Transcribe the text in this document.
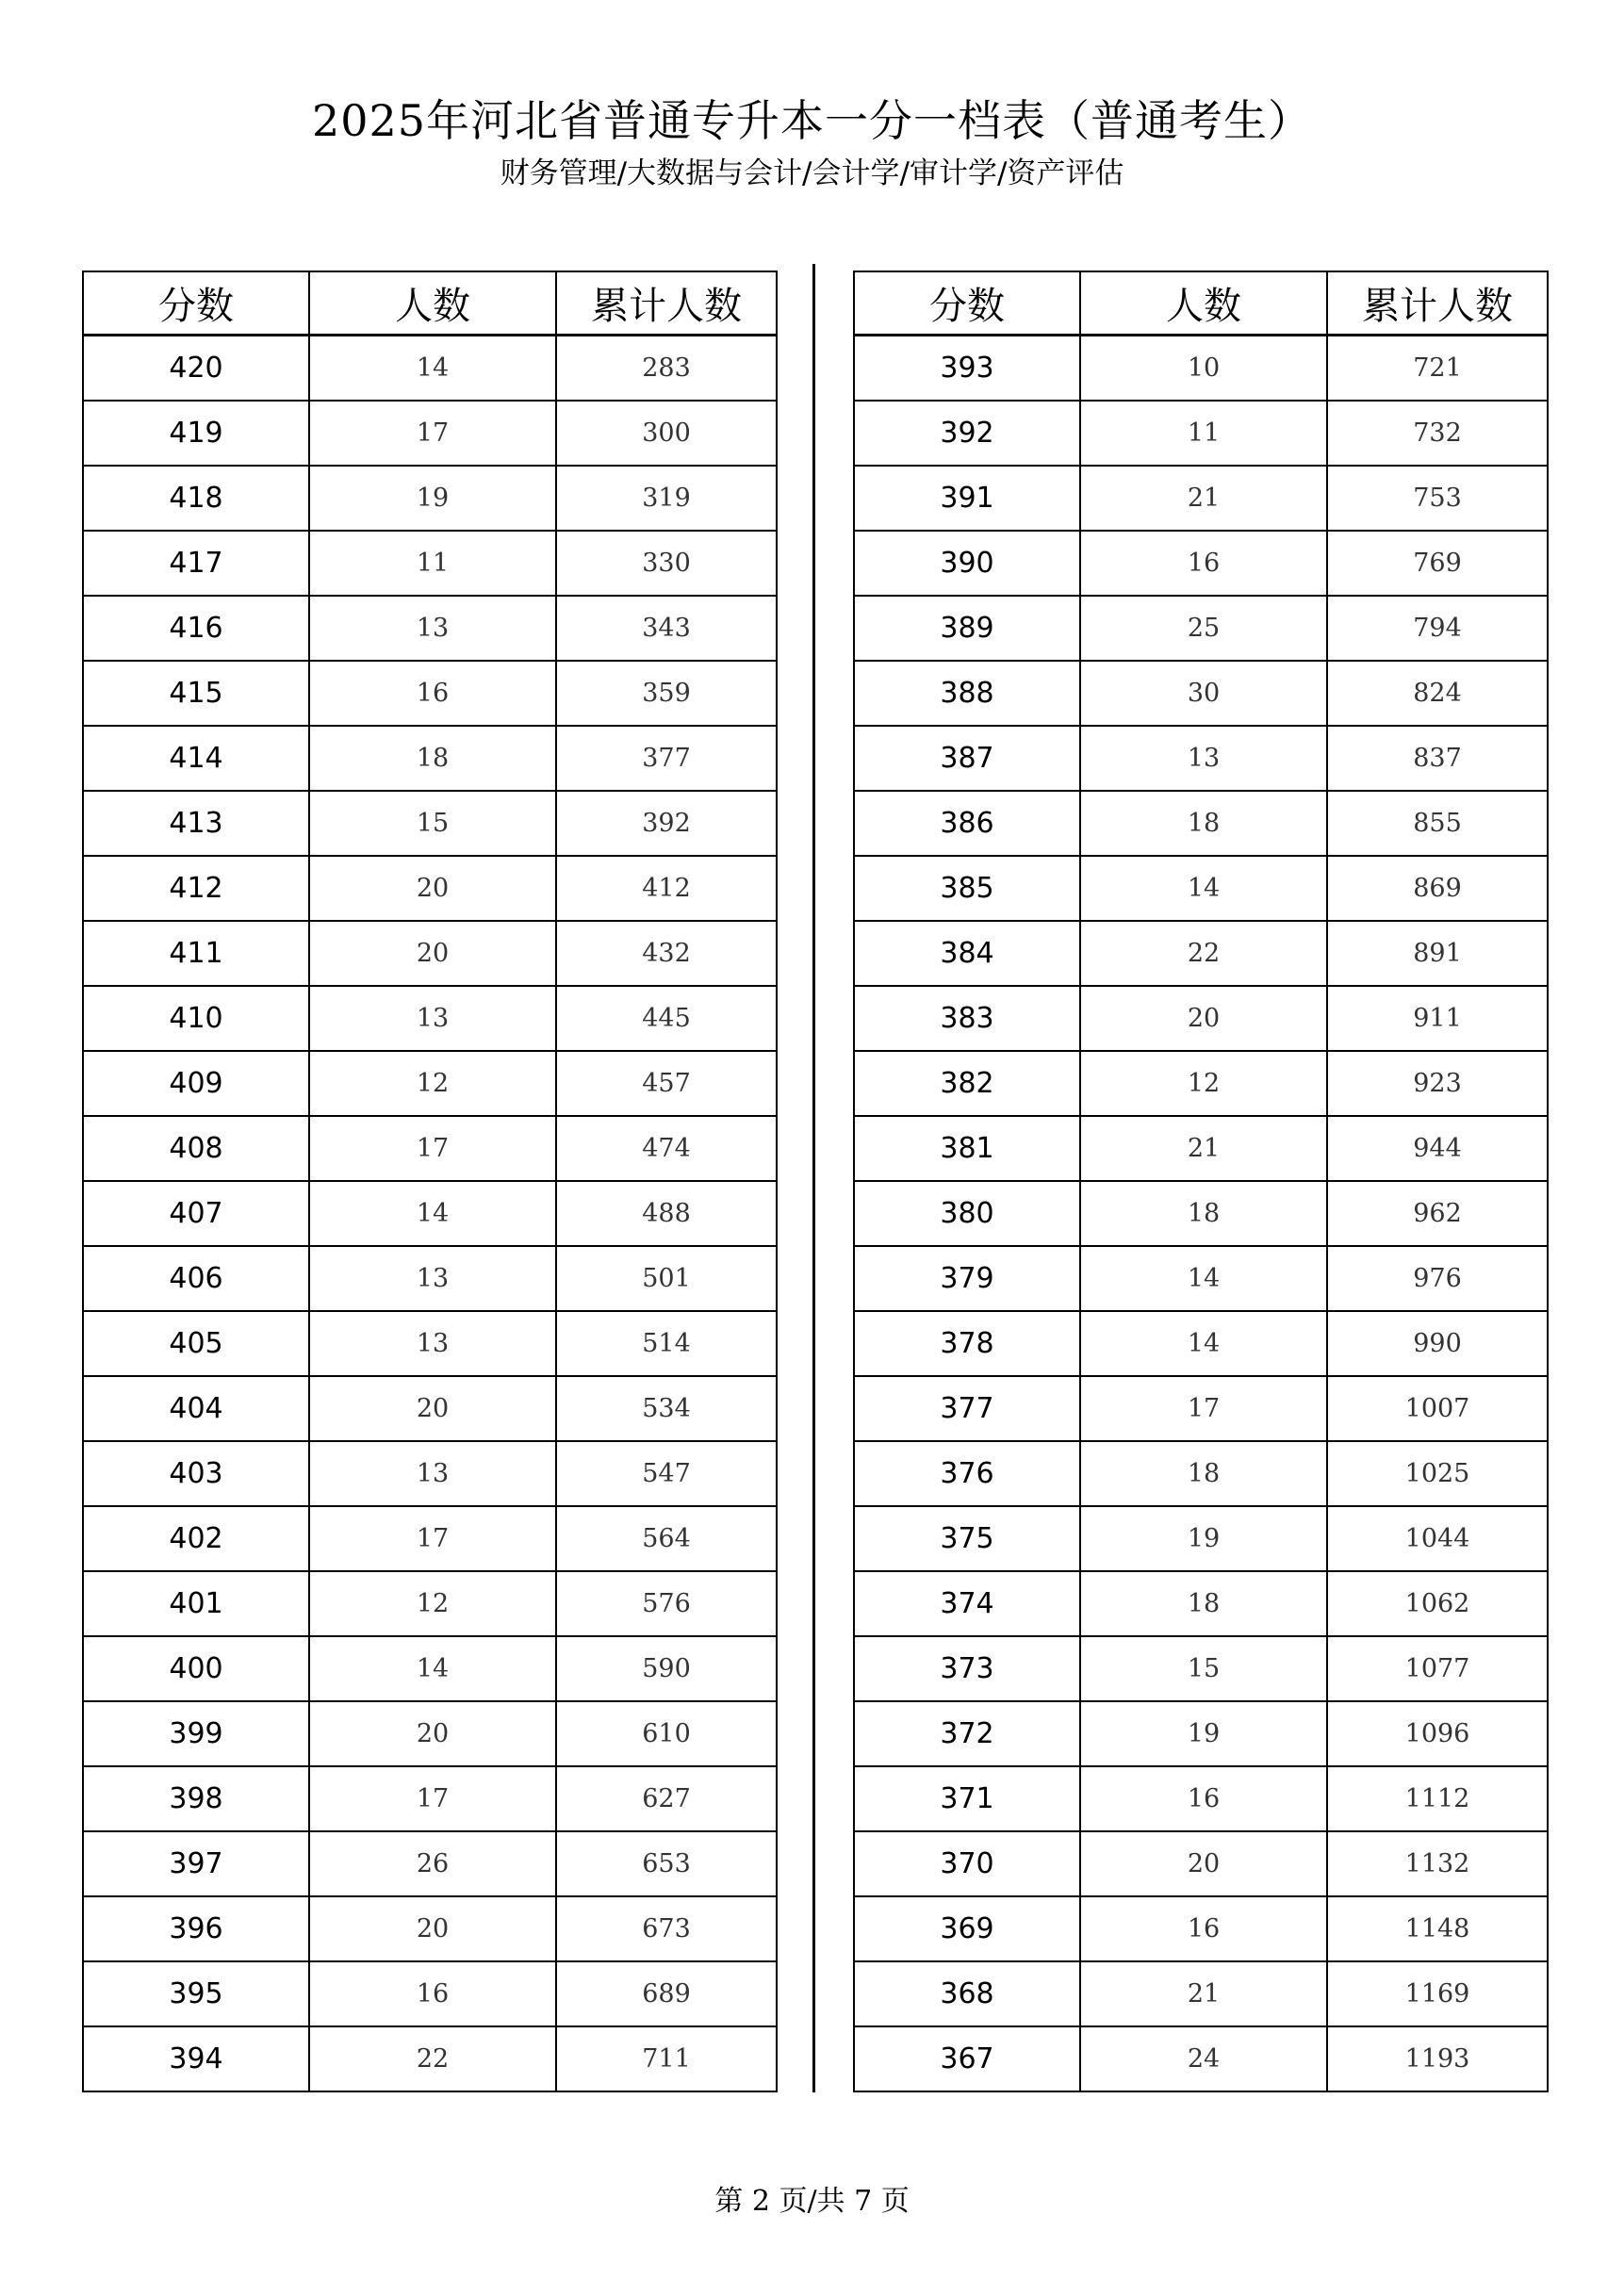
2025年河北省普通专升本一分一档表（普通考生）
财务管理/大数据与会计/会计学/审计学/资产评估
分数	人数	累计人数
420	14	283
419	17	300
418	19	319
417	11	330
416	13	343
415	16	359
414	18	377
413	15	392
412	20	412
411	20	432
410	13	445
409	12	457
408	17	474
407	14	488
406	13	501
405	13	514
404	20	534
403	13	547
402	17	564
401	12	576
400	14	590
399	20	610
398	17	627
397	26	653
396	20	673
395	16	689
394	22	711
分数	人数	累计人数
393	10	721
392	11	732
391	21	753
390	16	769
389	25	794
388	30	824
387	13	837
386	18	855
385	14	869
384	22	891
383	20	911
382	12	923
381	21	944
380	18	962
379	14	976
378	14	990
377	17	1007
376	18	1025
375	19	1044
374	18	1062
373	15	1077
372	19	1096
371	16	1112
370	20	1132
369	16	1148
368	21	1169
367	24	1193
第 2 页/共 7 页
